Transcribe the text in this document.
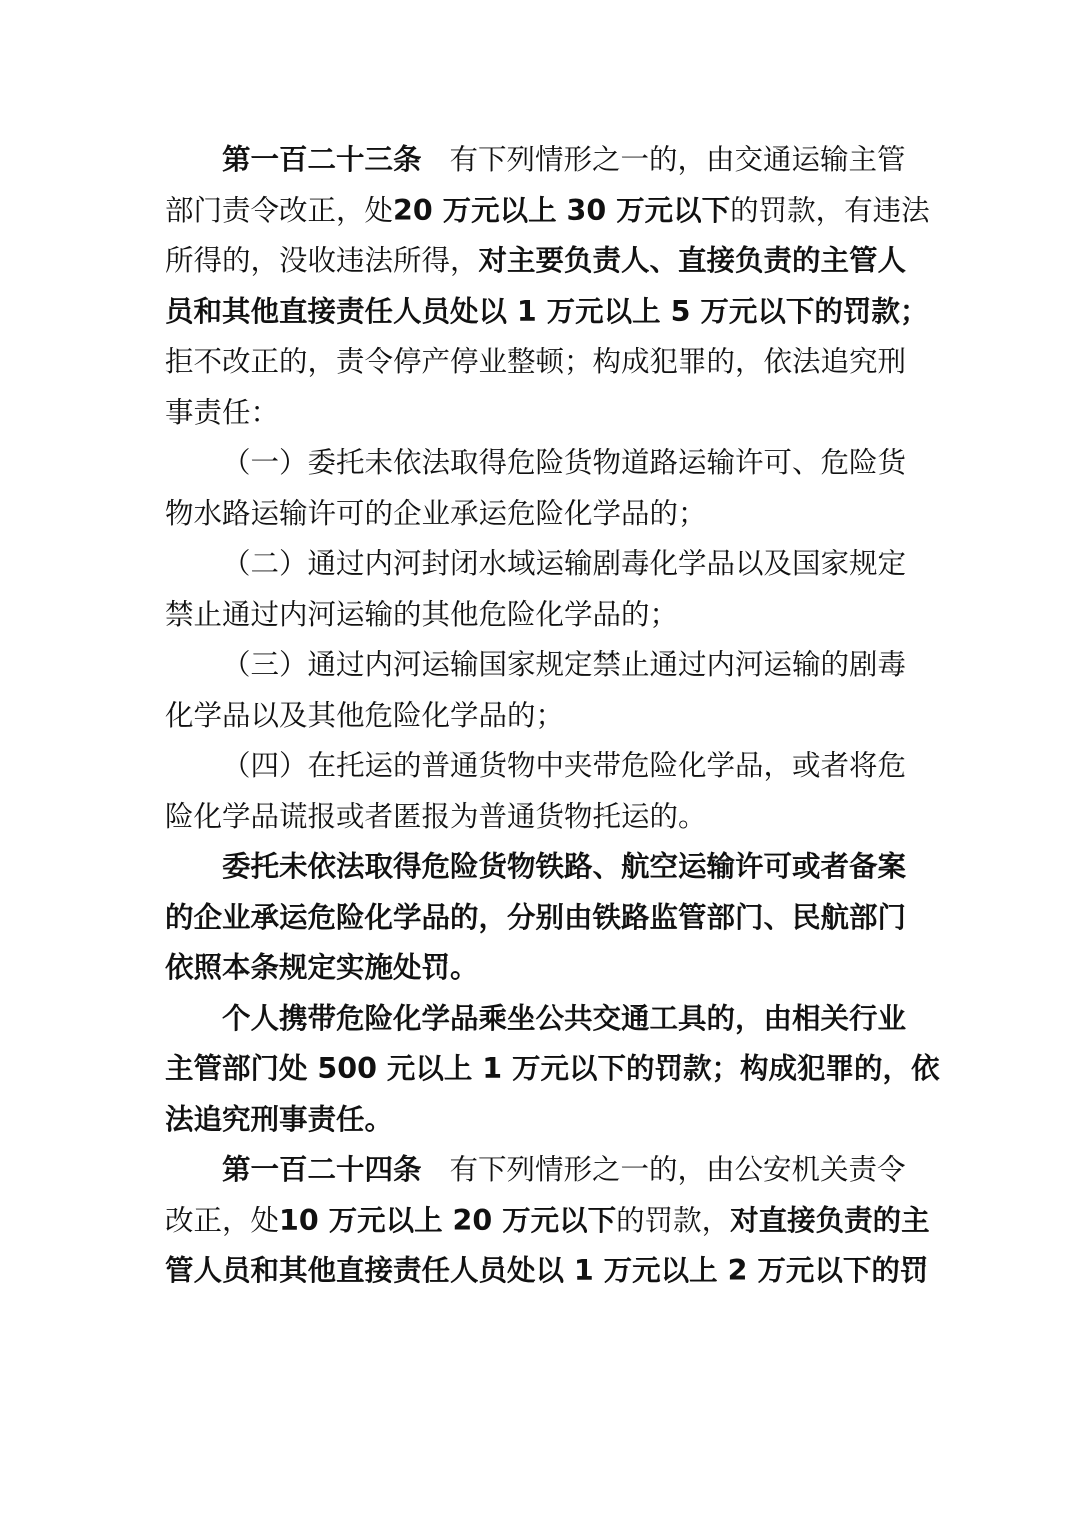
第一百二十三条 有下列情形之一的，由交通运输主管
部门责令改正，处20 万元以上 30 万元以下的罚款，有违法
所得的，没收违法所得，对主要负责人、直接负责的主管人
员和其他直接责任人员处以 1 万元以上 5 万元以下的罚款；
拒不改正的，责令停产停业整顿；构成犯罪的，依法追究刑
事责任：
（一）委托未依法取得危险货物道路运输许可、危险货
物水路运输许可的企业承运危险化学品的；
（二）通过内河封闭水域运输剧毒化学品以及国家规定
禁止通过内河运输的其他危险化学品的；
（三）通过内河运输国家规定禁止通过内河运输的剧毒
化学品以及其他危险化学品的；
（四）在托运的普通货物中夹带危险化学品，或者将危
险化学品谎报或者匿报为普通货物托运的。
委托未依法取得危险货物铁路、航空运输许可或者备案
的企业承运危险化学品的，分别由铁路监管部门、民航部门
依照本条规定实施处罚。
个人携带危险化学品乘坐公共交通工具的，由相关行业
主管部门处 500 元以上 1 万元以下的罚款；构成犯罪的，依
法追究刑事责任。
第一百二十四条 有下列情形之一的，由公安机关责令
改正，处10 万元以上 20 万元以下的罚款，对直接负责的主
管人员和其他直接责任人员处以 1 万元以上 2 万元以下的罚
